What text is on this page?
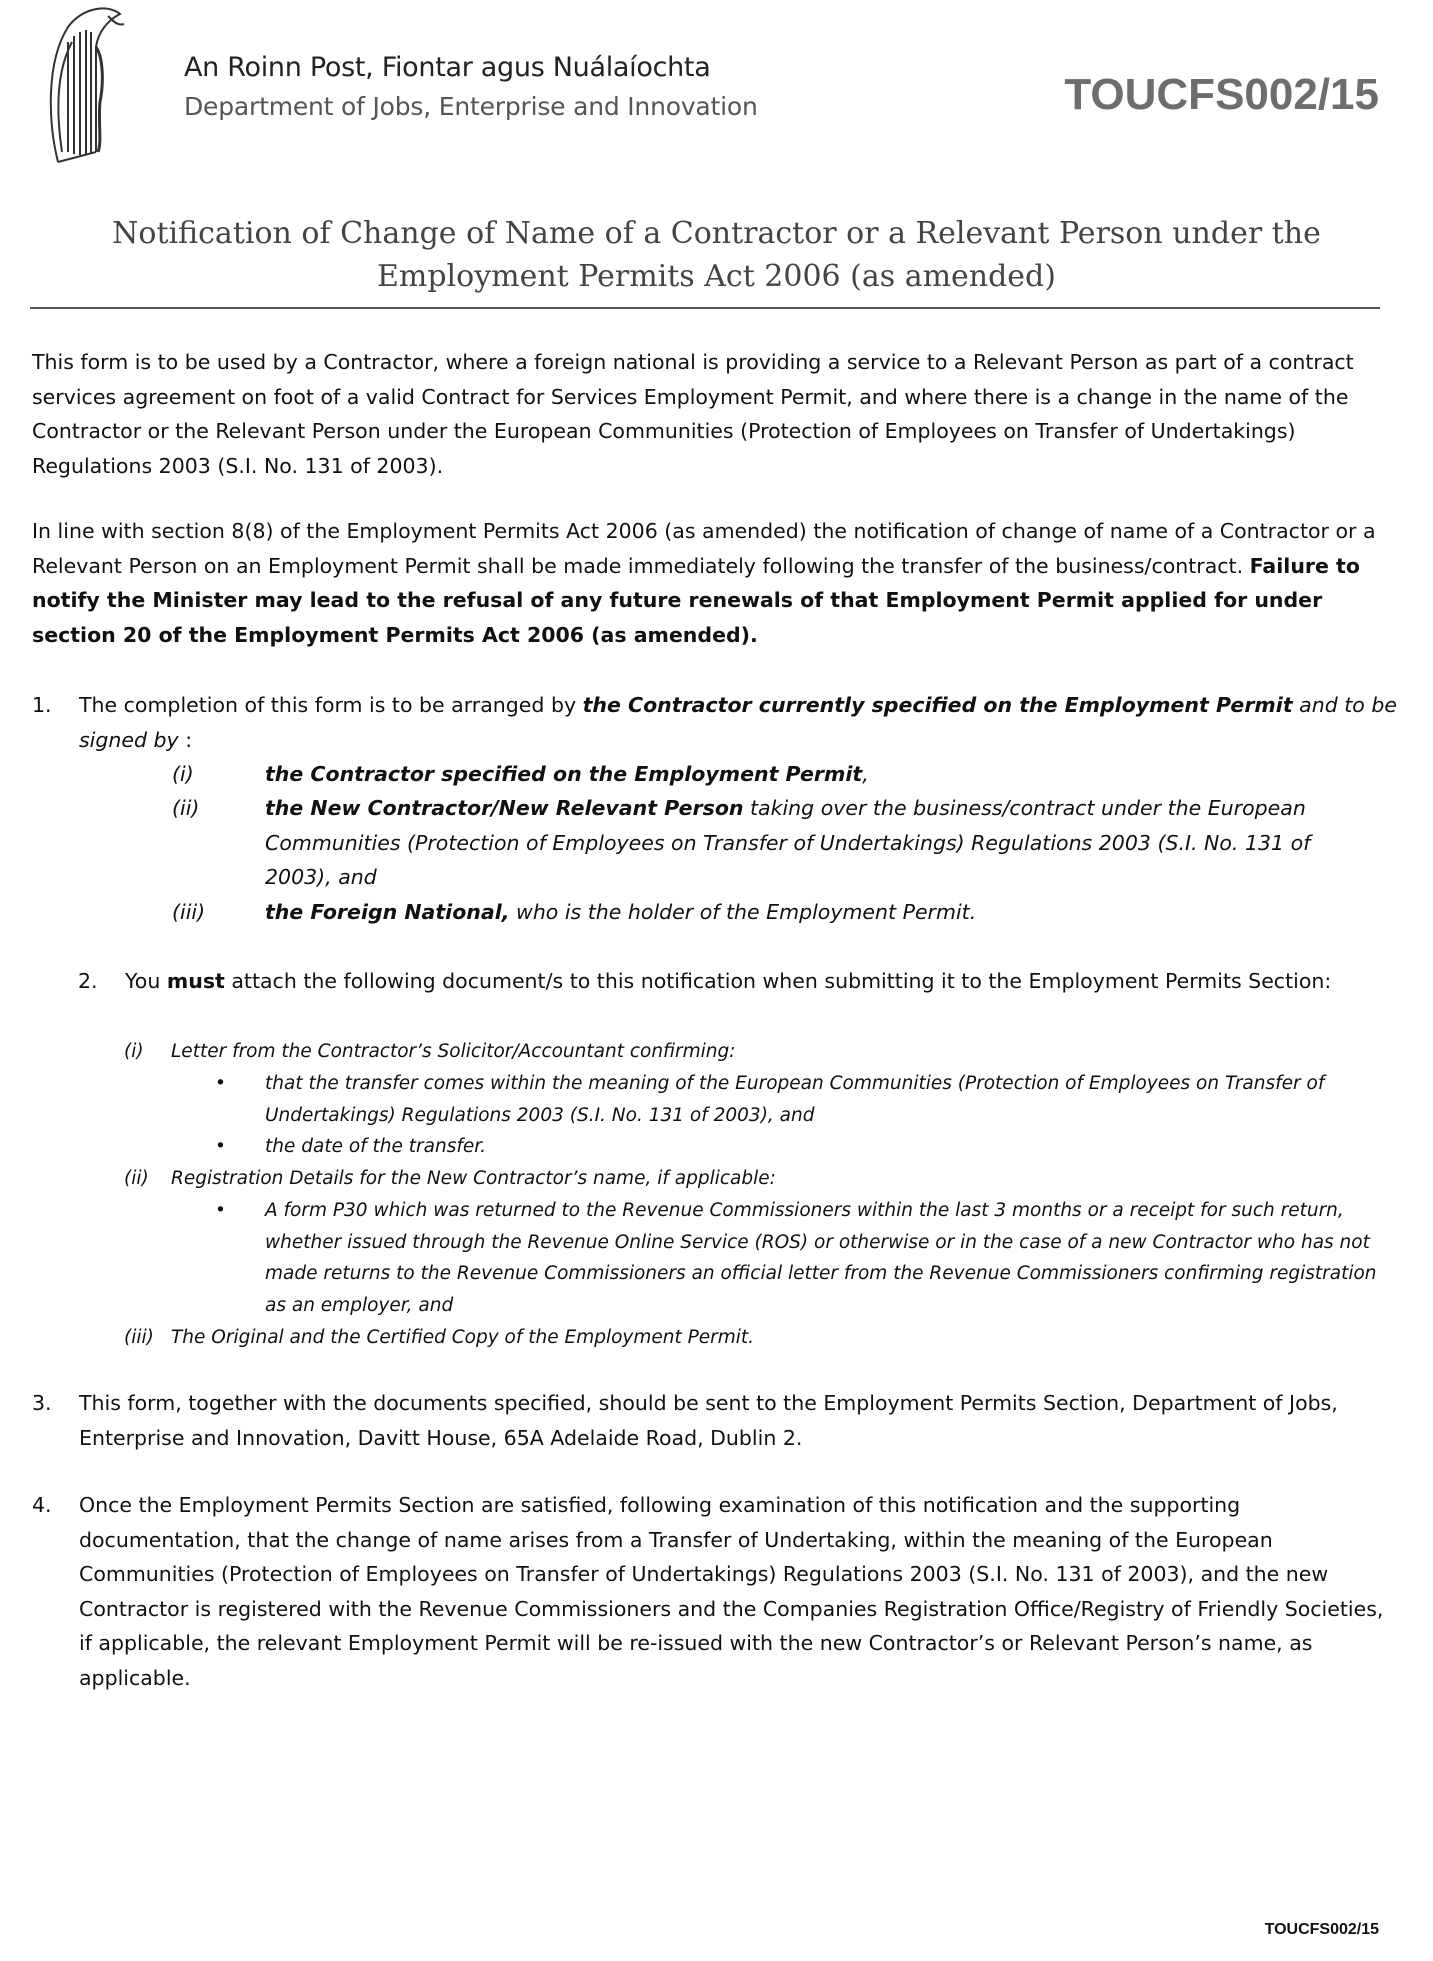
An Roinn Post, Fiontar agus Nuálaíochta
Department of Jobs, Enterprise and Innovation	TOUCFS002/15
Notification of Change of Name of a Contractor or a Relevant Person under the
Employment Permits Act 2006 (as amended)

This form is to be used by a Contractor, where a foreign national is providing a service to a Relevant Person as part of a contract services agreement on foot of a valid Contract for Services Employment Permit, and where there is a change in the name of the Contractor or the Relevant Person under the European Communities (Protection of Employees on Transfer of Undertakings) Regulations 2003 (S.I. No. 131 of 2003).

In line with section 8(8) of the Employment Permits Act 2006 (as amended) the notification of change of name of a Contractor or a Relevant Person on an Employment Permit shall be made immediately following the transfer of the business/contract. Failure to notify the Minister may lead to the refusal of any future renewals of that Employment Permit applied for under section 20 of the Employment Permits Act 2006 (as amended).

1. The completion of this form is to be arranged by the Contractor currently specified on the Employment Permit and to be signed by :
(i)	the Contractor specified on the Employment Permit,
(ii)	the New Contractor/New Relevant Person taking over the business/contract under the European Communities (Protection of Employees on Transfer of Undertakings) Regulations 2003 (S.I. No. 131 of 2003), and
(iii)	the Foreign National, who is the holder of the Employment Permit.
2. You must attach the following document/s to this notification when submitting it to the Employment Permits Section:
(i) Letter from the Contractor’s Solicitor/Accountant confirming:
• that the transfer comes within the meaning of the European Communities (Protection of Employees on Transfer of Undertakings) Regulations 2003 (S.I. No. 131 of 2003), and
• the date of the transfer.
(ii) Registration Details for the New Contractor’s name, if applicable:
• A form P30 which was returned to the Revenue Commissioners within the last 3 months or a receipt for such return, whether issued through the Revenue Online Service (ROS) or otherwise or in the case of a new Contractor who has not made returns to the Revenue Commissioners an official letter from the Revenue Commissioners confirming registration as an employer, and
(iii) The Original and the Certified Copy of the Employment Permit.
3. This form, together with the documents specified, should be sent to the Employment Permits Section, Department of Jobs, Enterprise and Innovation, Davitt House, 65A Adelaide Road, Dublin 2.
4. Once the Employment Permits Section are satisfied, following examination of this notification and the supporting documentation, that the change of name arises from a Transfer of Undertaking, within the meaning of the European Communities (Protection of Employees on Transfer of Undertakings) Regulations 2003 (S.I. No. 131 of 2003), and the new Contractor is registered with the Revenue Commissioners and the Companies Registration Office/Registry of Friendly Societies, if applicable, the relevant Employment Permit will be re-issued with the new Contractor’s or Relevant Person’s name, as applicable.
TOUCFS002/15
